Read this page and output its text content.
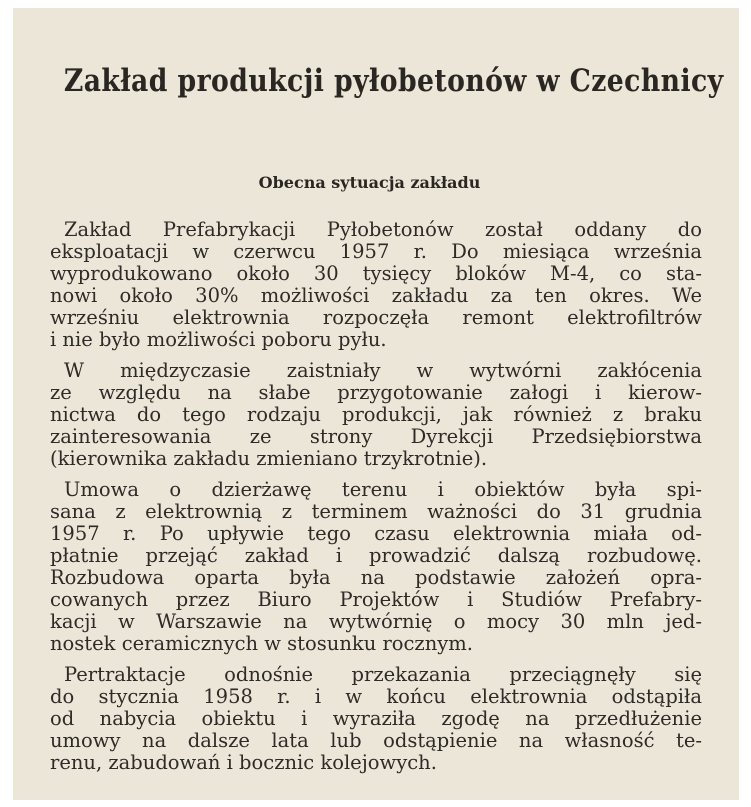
Zakład produkcji pyłobetonów w Czechnicy
Obecna sytuacja zakładu
Zakład Prefabrykacji Pyłobetonów został oddany do
eksploatacji w czerwcu 1957 r. Do miesiąca września
wyprodukowano około 30 tysięcy bloków M-4, co sta-
nowi około 30% możliwości zakładu za ten okres. We
wrześniu elektrownia rozpoczęła remont elektrofiltrów
i nie było możliwości poboru pyłu.
W międzyczasie zaistniały w wytwórni zakłócenia
ze względu na słabe przygotowanie załogi i kierow-
nictwa do tego rodzaju produkcji, jak również z braku
zainteresowania ze strony Dyrekcji Przedsiębiorstwa
(kierownika zakładu zmieniano trzykrotnie).
Umowa o dzierżawę terenu i obiektów była spi-
sana z elektrownią z terminem ważności do 31 grudnia
1957 r. Po upływie tego czasu elektrownia miała od-
płatnie przejąć zakład i prowadzić dalszą rozbudowę.
Rozbudowa oparta była na podstawie założeń opra-
cowanych przez Biuro Projektów i Studiów Prefabry-
kacji w Warszawie na wytwórnię o mocy 30 mln jed-
nostek ceramicznych w stosunku rocznym.
Pertraktacje odnośnie przekazania przeciągnęły się
do stycznia 1958 r. i w końcu elektrownia odstąpiła
od nabycia obiektu i wyraziła zgodę na przedłużenie
umowy na dalsze lata lub odstąpienie na własność te-
renu, zabudowań i bocznic kolejowych.
